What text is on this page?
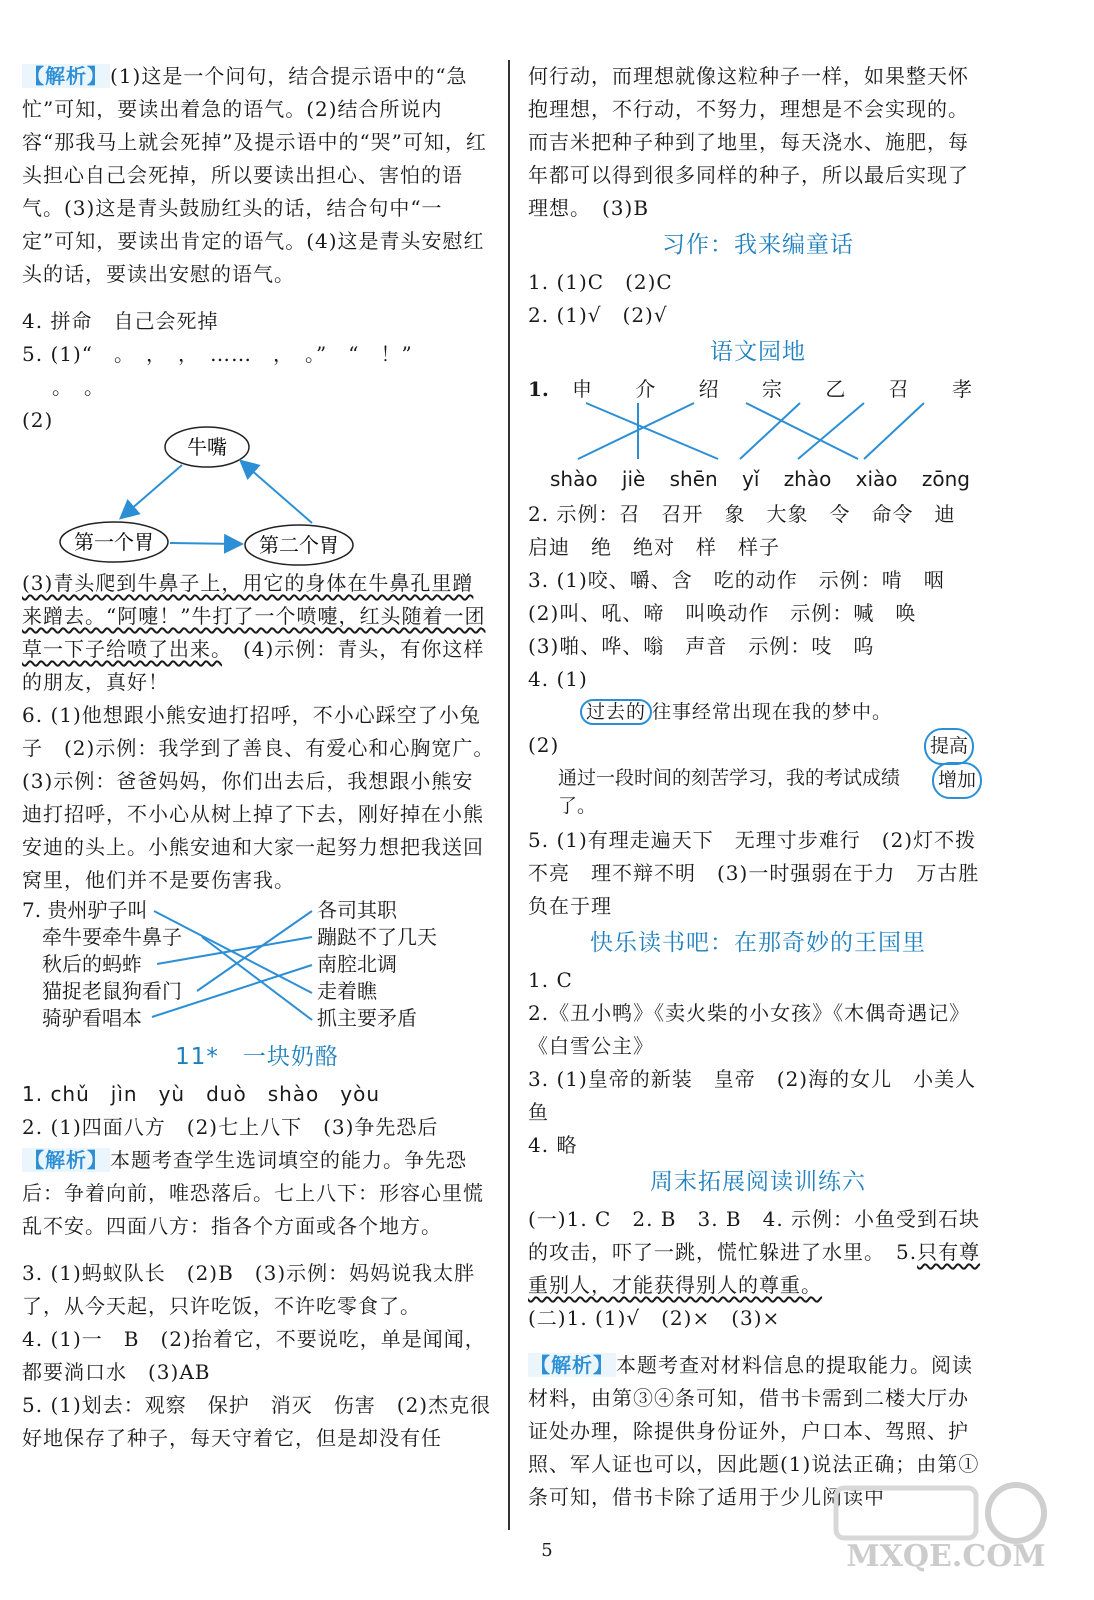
【解析】 (1)这是一个问句，结合提示语中的“急忙”可知，要读出着急的语气。(2)结合所说内容“那我马上就会死掉”及提示语中的“哭”可知，红头担心自己会死掉，所以要读出担心、害怕的语气。(3)这是青头鼓励红头的话，结合句中“一定”可知，要读出肯定的语气。(4)这是青头安慰红头的话，要读出安慰的语气。

4. 拼命　自己会死掉

5. (1)“　。　，　，　……　，　。”　“　！”

。　。

(2)

牛嘴
第一个胃	第二个胃

(3)青头爬到牛鼻子上，用它的身体在牛鼻孔里蹭来蹭去。“阿嚏！”牛打了一个喷嚏，红头随着一团草一下子给喷了出来。　 (4)示例：青头，有你这样的朋友，真好！

6. (1)他想跟小熊安迪打招呼，不小心踩空了小兔子　(2)示例：我学到了善良、有爱心和心胸宽广。　(3)示例：爸爸妈妈，你们出去后，我想跟小熊安迪打招呼，不小心从树上掉了下去，刚好掉在小熊安迪的头上。小熊安迪和大家一起努力想把我送回窝里，他们并不是要伤害我。

7. 贵州驴子叫
牵牛要牵牛鼻子
秋后的蚂蚱
猫捉老鼠狗看门
骑驴看唱本
各司其职
蹦跶不了几天
南腔北调
走着瞧
抓主要矛盾
11*　一块奶酪

1. chǔ　jìn　yù　duò　shào　yòu

2. (1)四面八方　(2)七上八下　(3)争先恐后

【解析】 本题考查学生选词填空的能力。争先恐后：争着向前，唯恐落后。七上八下：形容心里慌乱不安。四面八方：指各个方面或各个地方。

3. (1)蚂蚁队长　(2)B　(3)示例：妈妈说我太胖了，从今天起，只许吃饭，不许吃零食了。

4. (1)一　B　(2)抬着它，不要说吃，单是闻闻，都要淌口水　(3)AB

5. (1)划去：观察　保护　消灭　伤害　(2)杰克很好地保存了种子，每天守着它，但是却没有任

何行动，而理想就像这粒种子一样，如果整天怀抱理想，不行动，不努力，理想是不会实现的。而吉米把种子种到了地里，每天浇水、施肥，每年都可以得到很多同样的种子，所以最后实现了理想。　(3)B

习作：我来编童话

1. (1)C　(2)C

2. (1)√　(2)√

语文园地
1. 申 介 绍 宗 乙 召 孝
shào jiè shēn yǐ zhào xiào zōng

2. 示例：召　召开　象　大象　令　命令　迪　启迪　绝　绝对　样　样子

3. (1)咬、嚼、含　吃的动作　示例：啃　咽

(2)叫、吼、啼　叫唤动作　示例：喊　唤

(3)啪、哗、嗡　声音　示例：吱　呜

4. (1)

过去的 往事经常出现在我的梦中。

(2)	提高
通过一段时间的刻苦学习，我的考试成绩	增加
了。

5. (1)有理走遍天下　无理寸步难行　(2)灯不拨不亮　理不辩不明　(3)一时强弱在于力　万古胜负在于理

快乐读书吧：在那奇妙的王国里

1. C

2.《丑小鸭》《卖火柴的小女孩》《木偶奇遇记》《白雪公主》

3. (1)皇帝的新装　皇帝　(2)海的女儿　小美人鱼

4. 略

周末拓展阅读训练六

(一)1. C　2. B　3. B　4. 示例：小鱼受到石块的攻击，吓了一跳，慌忙躲进了水里。　5.只有尊重别人，才能获得别人的尊重。

(二)1. (1)√　(2)×　(3)×

【解析】 本题考查对材料信息的提取能力。阅读材料，由第③④条可知，借书卡需到二楼大厅办证处办理，除提供身份证外，户口本、驾照、护照、军人证也可以，因此题(1)说法正确；由第①条可知，借书卡除了适用于少儿阅读中

5	MXQE.COM
